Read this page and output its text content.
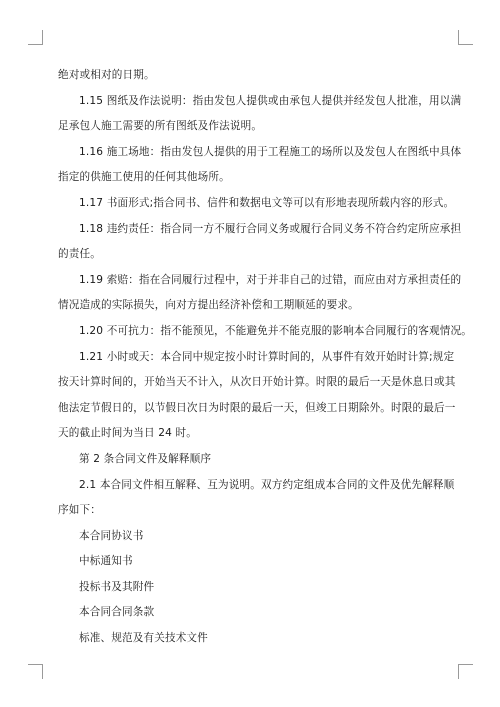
绝对或相对的日期。
1.15 图纸及作法说明：指由发包人提供或由承包人提供并经发包人批准，用以满
足承包人施工需要的所有图纸及作法说明。
1.16 施工场地：指由发包人提供的用于工程施工的场所以及发包人在图纸中具体
指定的供施工使用的任何其他场所。
1.17 书面形式;指合同书、信件和数据电文等可以有形地表现所载内容的形式。
1.18 违约责任：指合同一方不履行合同义务或履行合同义务不符合约定所应承担
的责任。
1.19 索赔：指在合同履行过程中，对于并非自己的过错，而应由对方承担责任的
情况造成的实际损失，向对方提出经济补偿和工期顺延的要求。
1.20 不可抗力：指不能预见，不能避免并不能克服的影响本合同履行的客观情况。
1.21 小时或天：本合同中规定按小时计算时间的，从事件有效开始时计算;规定
按天计算时间的，开始当天不计入，从次日开始计算。时限的最后一天是休息日或其
他法定节假日的，以节假日次日为时限的最后一天，但竣工日期除外。时限的最后一
天的截止时间为当日 24 时。
第 2 条合同文件及解释顺序
2.1 本合同文件相互解释、互为说明。双方约定组成本合同的文件及优先解释顺
序如下：
本合同协议书
中标通知书
投标书及其附件
本合同合同条款
标准、规范及有关技术文件
